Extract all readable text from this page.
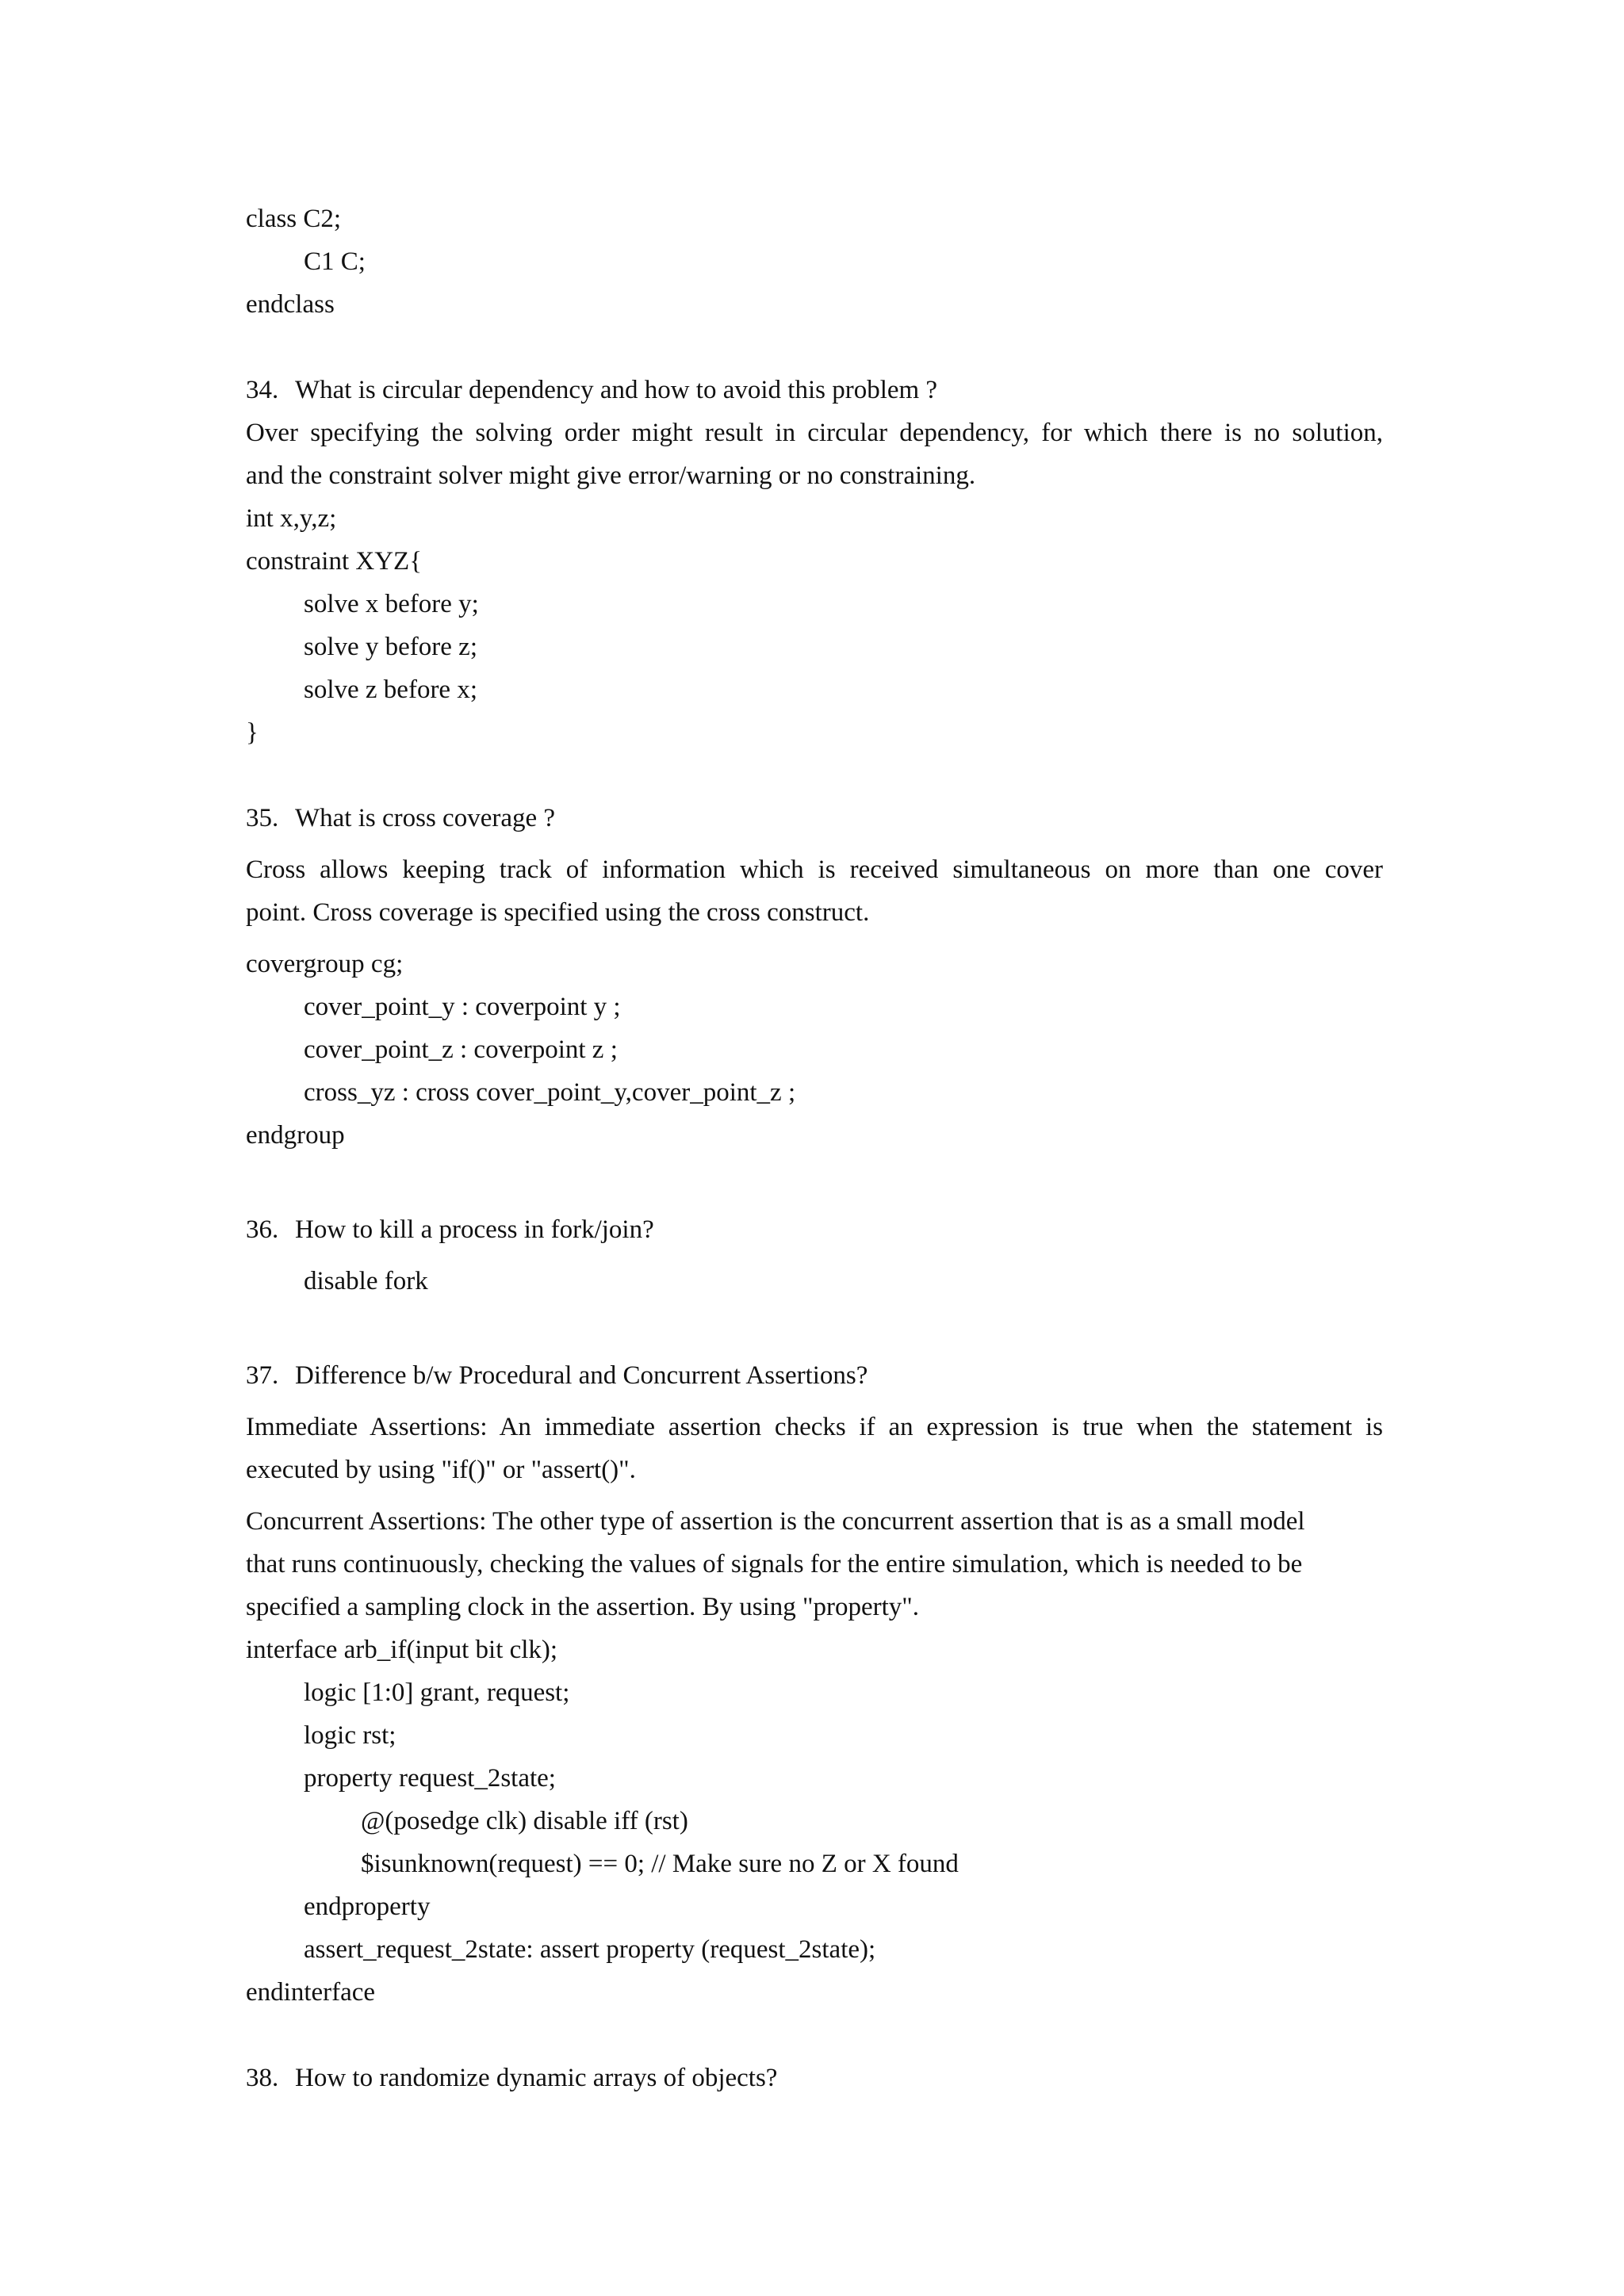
class C2;
C1 C;
endclass
34. What is circular dependency and how to avoid this problem ?
Over specifying the solving order might result in circular dependency, for which there is no solution,
and the constraint solver might give error/warning or no constraining.
int x,y,z;
constraint XYZ{
solve x before y;
solve y before z;
solve z before x;
}
35. What is cross coverage ?
Cross allows keeping track of information which is received simultaneous on more than one cover
point. Cross coverage is specified using the cross construct.
covergroup cg;
cover_point_y : coverpoint y ;
cover_point_z : coverpoint z ;
cross_yz : cross cover_point_y,cover_point_z ;
endgroup
36. How to kill a process in fork/join?
disable fork
37. Difference b/w Procedural and Concurrent Assertions?
Immediate Assertions: An immediate assertion checks if an expression is true when the statement is
executed by using "if()" or "assert()".
Concurrent Assertions: The other type of assertion is the concurrent assertion that is as a small model
that runs continuously, checking the values of signals for the entire simulation, which is needed to be
specified a sampling clock in the assertion. By using "property".
interface arb_if(input bit clk);
logic [1:0] grant, request;
logic rst;
property request_2state;
@(posedge clk) disable iff (rst)
$isunknown(request) == 0; // Make sure no Z or X found
endproperty
assert_request_2state: assert property (request_2state);
endinterface
38. How to randomize dynamic arrays of objects?
